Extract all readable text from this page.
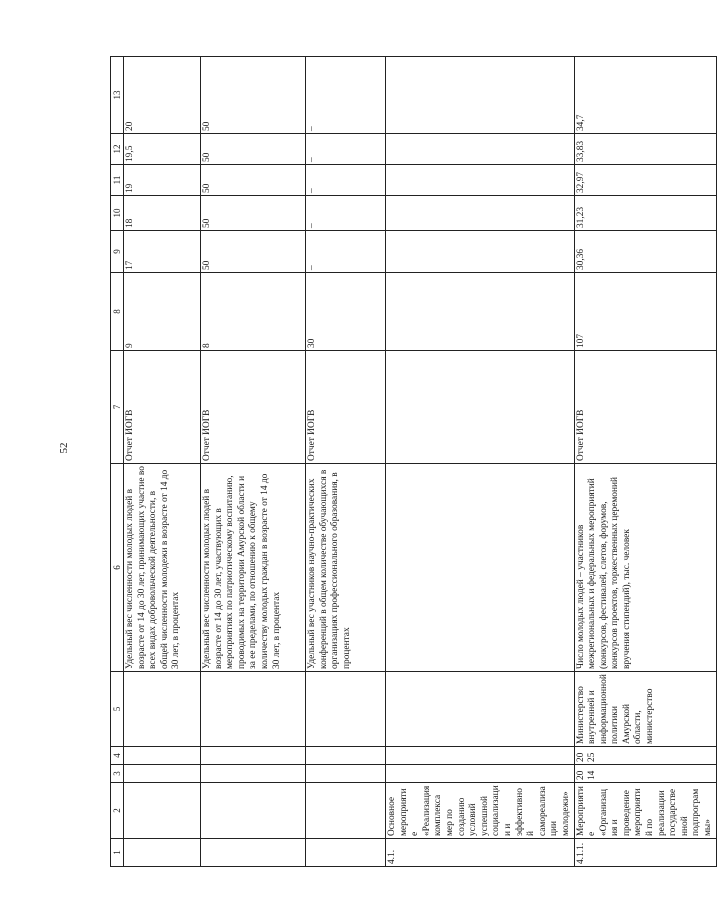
52
1	2	3	4	5	6	7	8	9	10	11	12	13
					Удельный вес численности молодых людей в возрасте от 14 до 30 лет, принимающих участие во всех видах добровольческой деятельности, в общей численности молодежи в возрасте от 14 до 30 лет, в процентах	Отчет ИОГВ	9	17	18	19	19,5	20
					Удельный вес численности молодых людей в возрасте от 14 до 30 лет, участвующих в мероприятиях по патриотическому воспитанию, проводимых на территории Амурской области и за ее пределами, по отношению к общему количеству молодых граждан в возрасте от 14 до 30 лет, в процентах	Отчет ИОГВ	8	50	50	50	50	50
					Удельный вес участников научно-практических конференций в общем количестве обучающихся в организациях профессионального образования, в процентах	Отчет ИОГВ	30	–	–	–	–	–
4.1.	Основное мероприятие «Реализация комплекса мер по созданию условий успешной социализации и эффективной самореализации молодежи»											
4.1.1.	Мероприятие «Организация и проведение мероприятий по реализации государственной подпрограммы»	2014	2025	Министерство внутренней и информационной политики Амурской области, министерство	Число молодых людей – участников межрегиональных и федеральных мероприятий (конкурсов, фестивалей, слетов, форумов, конкурсов проектов, торжественных церемоний вручения стипендий), тыс. человек	Отчет ИОГВ	107	30,36	31,23	32,97	33,83	34,7
